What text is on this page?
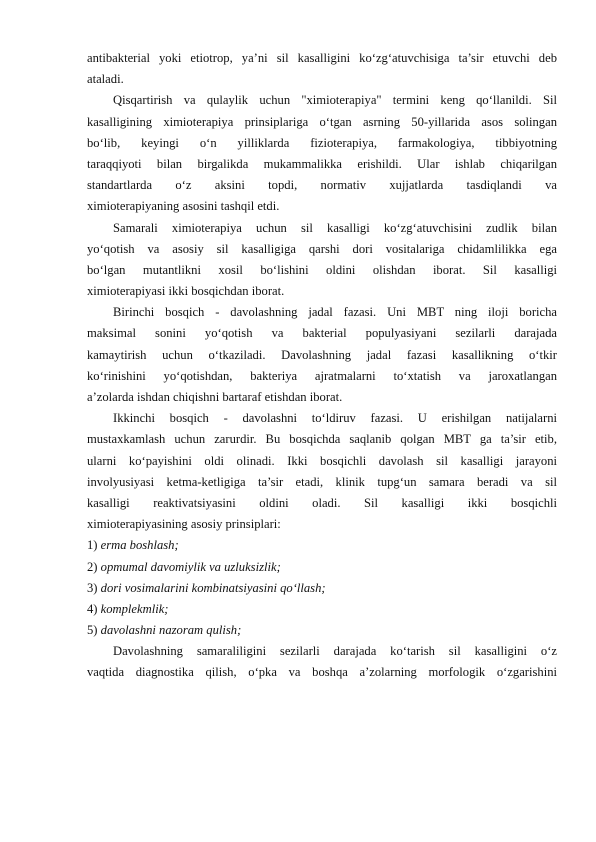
antibakterial yoki etiotrop, ya’ni sil kasalligini ko‘zg‘atuvchisiga ta’sir etuvchi deb
ataladi.
Qisqartirish va qulaylik uchun "ximioterapiya" termini keng qo‘llanildi. Sil
kasalligining ximioterapiya prinsiplariga o‘tgan asrning 50-yillarida asos solingan
bo‘lib, keyingi o‘n yilliklarda fizioterapiya, farmakologiya, tibbiyotning
taraqqiyoti bilan birgalikda mukammalikka erishildi. Ular ishlab chiqarilgan
standartlarda o‘z aksini topdi, normativ xujjatlarda tasdiqlandi va
ximioterapiyaning asosini tashqil etdi.
Samarali ximioterapiya uchun sil kasalligi ko‘zg‘atuvchisini zudlik bilan
yo‘qotish va asosiy sil kasalligiga qarshi dori vositalariga chidamlilikka ega
bo‘lgan mutantlikni xosil bo‘lishini oldini olishdan iborat. Sil kasalligi
ximioterapiyasi ikki bosqichdan iborat.
Birinchi bosqich - davolashning jadal fazasi. Uni MBT ning iloji boricha
maksimal sonini yo‘qotish va bakterial populyasiyani sezilarli darajada
kamaytirish uchun o‘tkaziladi. Davolashning jadal fazasi kasallikning o‘tkir
ko‘rinishini yo‘qotishdan, bakteriya ajratmalarni to‘xtatish va jaroxatlangan
a’zolarda ishdan chiqishni bartaraf etishdan iborat.
Ikkinchi bosqich - davolashni to‘ldiruv fazasi. U erishilgan natijalarni
mustaxkamlash uchun zarurdir. Bu bosqichda saqlanib qolgan MBT ga ta’sir etib,
ularni ko‘payishini oldi olinadi. Ikki bosqichli davolash sil kasalligi jarayoni
involyusiyasi ketma-ketligiga ta’sir etadi, klinik tupg‘un samara beradi va sil
kasalligi reaktivatsiyasini oldini oladi. Sil kasalligi ikki bosqichli
ximioterapiyasining asosiy prinsiplari:
1) erma boshlash;
2) opmumal davomiylik va uzluksizlik;
3) dori vosimalarini kombinatsiyasini qo‘llash;
4) komplekmlik;
5) davolashni nazoram qulish;
Davolashning samaraliligini sezilarli darajada ko‘tarish sil kasalligini o‘z
vaqtida diagnostika qilish, o‘pka va boshqa a’zolarning morfologik o‘zgarishini
